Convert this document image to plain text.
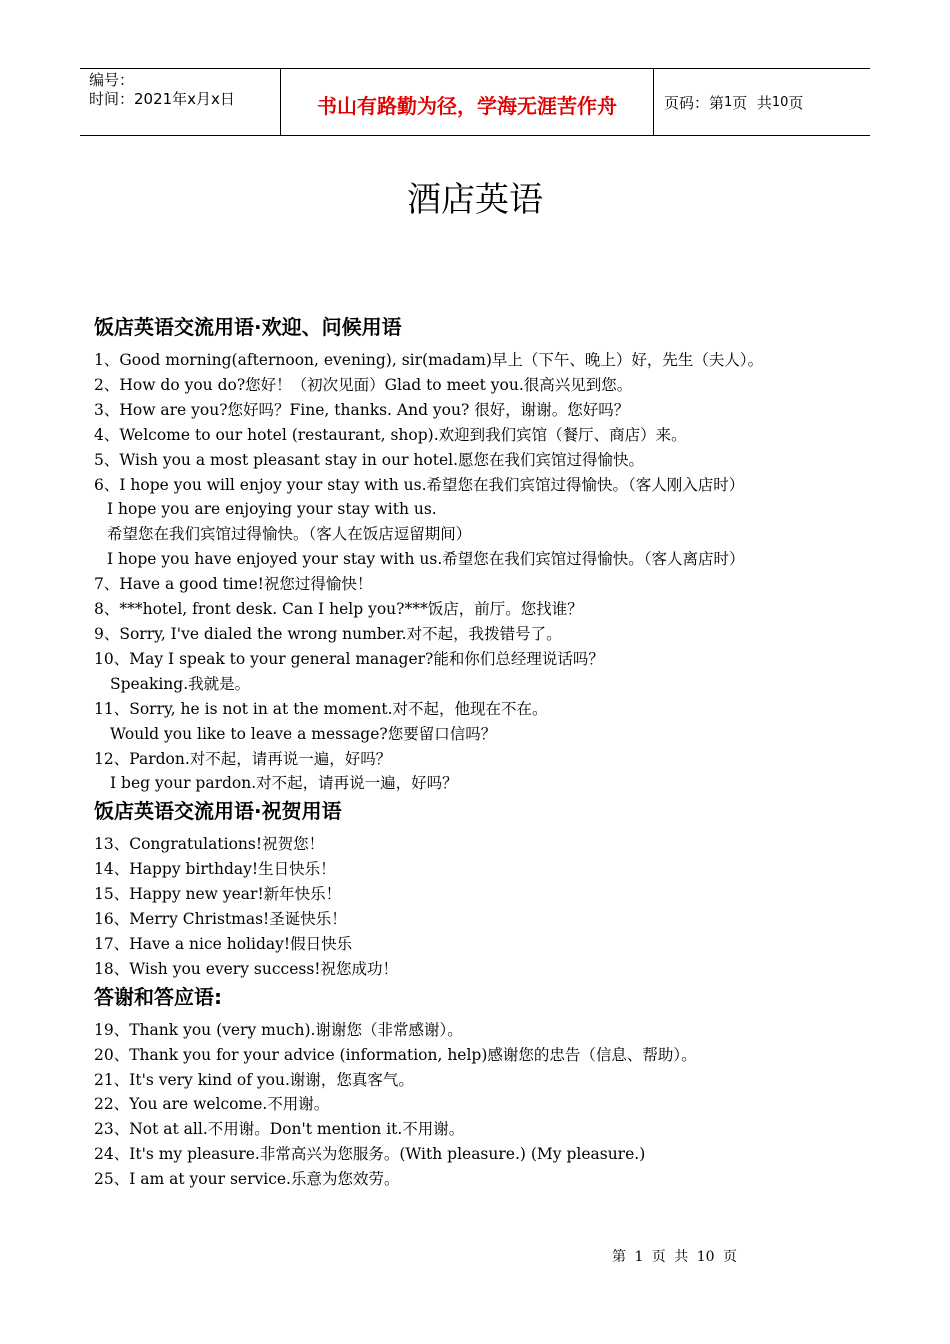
编号：
时间：2021年x月x日	书山有路勤为径，学海无涯苦作舟	页码：第 1 页  共 10 页
酒店英语
饭店英语交流用语·欢迎、问候用语
1、Good morning(afternoon, evening), sir(madam)早上（下午、晚上）好，先生（夫人）。
2、How do you do?您好！（初次见面）Glad to meet you.很高兴见到您。
3、How are you?您好吗？Fine, thanks. And you? 很好，谢谢。您好吗？
4、Welcome to our hotel (restaurant, shop).欢迎到我们宾馆（餐厅、商店）来。
5、Wish you a most pleasant stay in our hotel.愿您在我们宾馆过得愉快。
6、I hope you will enjoy your stay with us.希望您在我们宾馆过得愉快。（客人刚入店时）
I hope you are enjoying your stay with us.
希望您在我们宾馆过得愉快。（客人在饭店逗留期间）
I hope you have enjoyed your stay with us.希望您在我们宾馆过得愉快。（客人离店时）
7、Have a good time!祝您过得愉快！
8、***hotel, front desk. Can I help you?***饭店，前厅。您找谁？
9、Sorry, I've dialed the wrong number.对不起，我拨错号了。
10、May I speak to your general manager?能和你们总经理说话吗？
Speaking.我就是。
11、Sorry, he is not in at the moment.对不起，他现在不在。
Would you like to leave a message?您要留口信吗？
12、Pardon.对不起，请再说一遍，好吗？
I beg your pardon.对不起，请再说一遍，好吗？
饭店英语交流用语·祝贺用语
13、Congratulations!祝贺您！
14、Happy birthday!生日快乐！
15、Happy new year!新年快乐！
16、Merry Christmas!圣诞快乐！
17、Have a nice holiday!假日快乐
18、Wish you every success!祝您成功！
答谢和答应语:
19、Thank you (very much).谢谢您（非常感谢）。
20、Thank you for your advice (information, help)感谢您的忠告（信息、帮助）。
21、It's very kind of you.谢谢，您真客气。
22、You are welcome.不用谢。
23、Not at all.不用谢。Don't mention it.不用谢。
24、It's my pleasure.非常高兴为您服务。(With pleasure.) (My pleasure.)
25、I am at your service.乐意为您效劳。
第 1 页 共 10 页
